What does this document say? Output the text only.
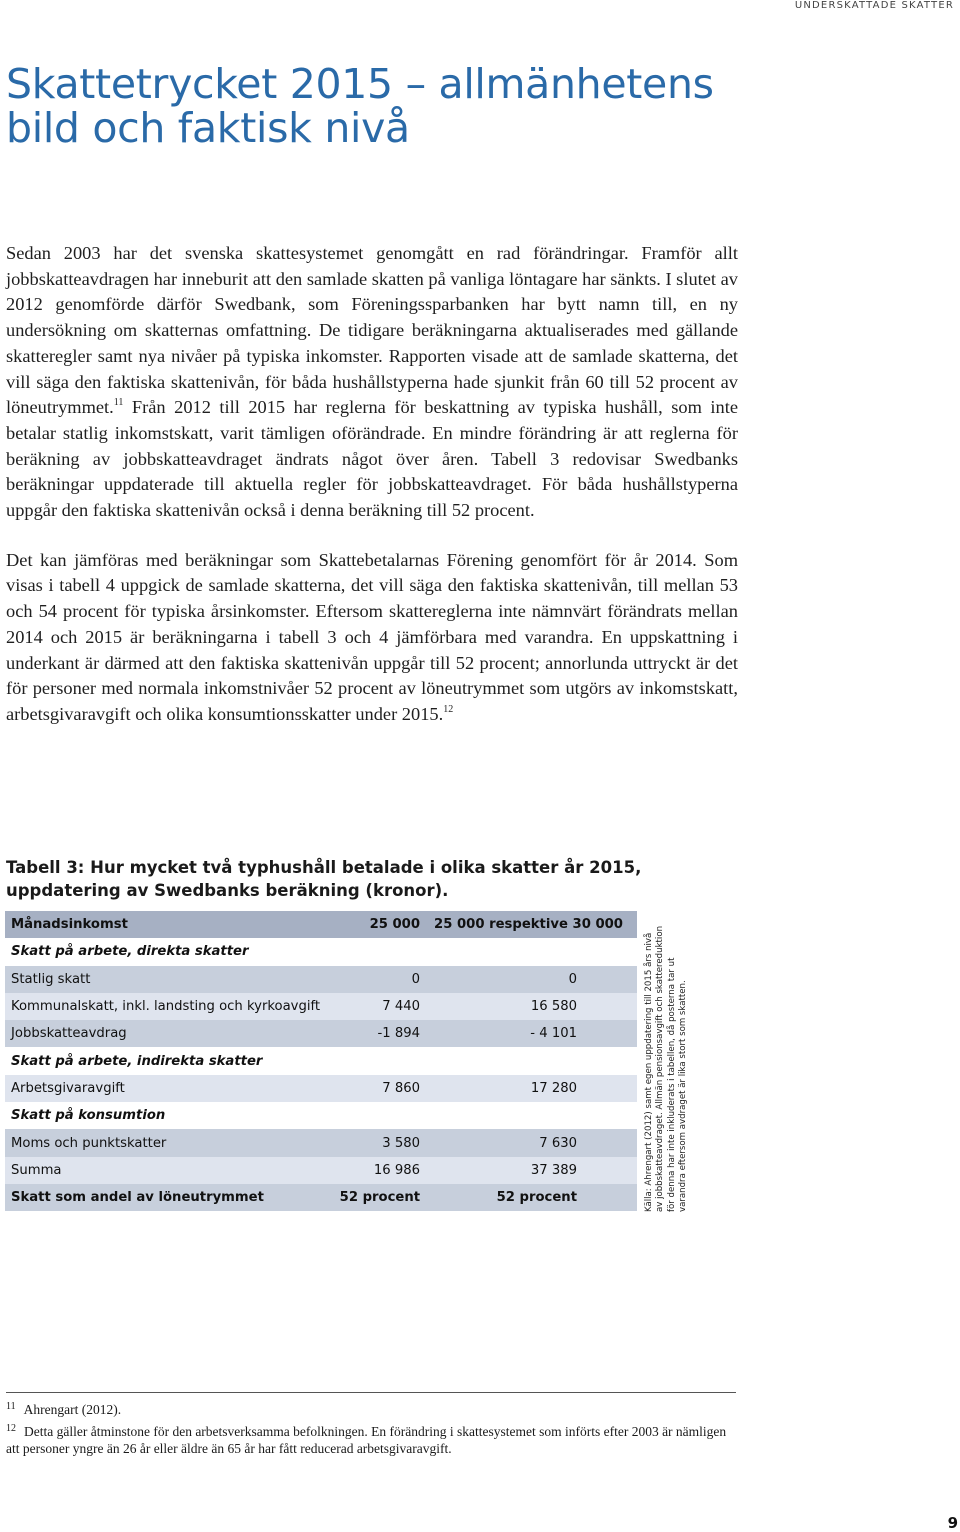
UNDERSKATTADE SKATTER
Skattetrycket 2015 – allmänhetens
bild och faktisk nivå

Sedan 2003 har det svenska skattesystemet genomgått en rad förändringar. Framför allt jobbskatteavdragen har inneburit att den samlade skatten på vanliga löntagare har sänkts. I slutet av 2012 genomförde därför Swedbank, som Föreningssparbanken har bytt namn till, en ny undersökning om skatternas omfattning. De tidigare beräkningarna aktualiserades med gällande skatteregler samt nya nivåer på typiska inkomster. Rapporten visade att de samlade skatterna, det vill säga den faktiska skattenivån, för båda hushållstyperna hade sjunkit från 60 till 52 procent av löneutrymmet.$^{11}$ Från 2012 till 2015 har reglerna för beskattning av typiska hushåll, som inte betalar statlig inkomstskatt, varit tämligen oförändrade. En mindre förändring är att reglerna för beräkning av jobbskatteavdraget ändrats något över åren. Tabell 3 redovisar Swedbanks beräkningar uppdaterade till aktuella regler för jobbskatteavdraget. För båda hushållstyperna uppgår den faktiska skattenivån också i denna beräkning till 52 procent.

Det kan jämföras med beräkningar som Skattebetalarnas Förening genomfört för år 2014. Som visas i tabell 4 uppgick de samlade skatterna, det vill säga den faktiska skattenivån, till mellan 53 och 54 procent för typiska årsinkomster. Eftersom skattereglerna inte nämnvärt förändrats mellan 2014 och 2015 är beräkningarna i tabell 3 och 4 jämförbara med varandra. En uppskattning i underkant är därmed att den faktiska skattenivån uppgår till 52 procent; annorlunda uttryckt är det för personer med normala inkomstnivåer 52 procent av löneutrymmet som utgörs av inkomstskatt, arbetsgivaravgift och olika konsumtionsskatter under 2015.12

Tabell 3: Hur mycket två typhushåll betalade i olika skatter år 2015, uppdatering av Swedbanks beräkning (kronor).
Månadsinkomst	25 000	25 000 respektive 30 000
Skatt på arbete, direkta skatter		
Statlig skatt	0	0
Kommunalskatt, inkl. landsting och kyrkoavgift	7 440	16 580
Jobbskatteavdrag	-1 894	- 4 101
Skatt på arbete, indirekta skatter		
Arbetsgivaravgift	7 860	17 280
Skatt på konsumtion		
Moms och punktskatter	3 580	7 630
Summa	16 986	37 389
Skatt som andel av löneutrymmet	52 procent	52 procent	Källa: Ahrengart (2012) samt egen uppdatering till 2015 års nivå av jobbskatteavdraget. Allmän pensionsavgift och skattereduktion för denna har inte inkluderats i tabellen, då posterna tar ut varandra eftersom avdraget är lika stort som skatten.

$^{11}$ Ahrengart (2012).

$^{12}$ Detta gäller åtminstone för den arbetsverksamma befolkningen. En förändring i skattesystemet som införts efter 2003 är nämligen att personer yngre än 26 år eller äldre än 65 år har fått reducerad arbetsgivaravgift.

9
